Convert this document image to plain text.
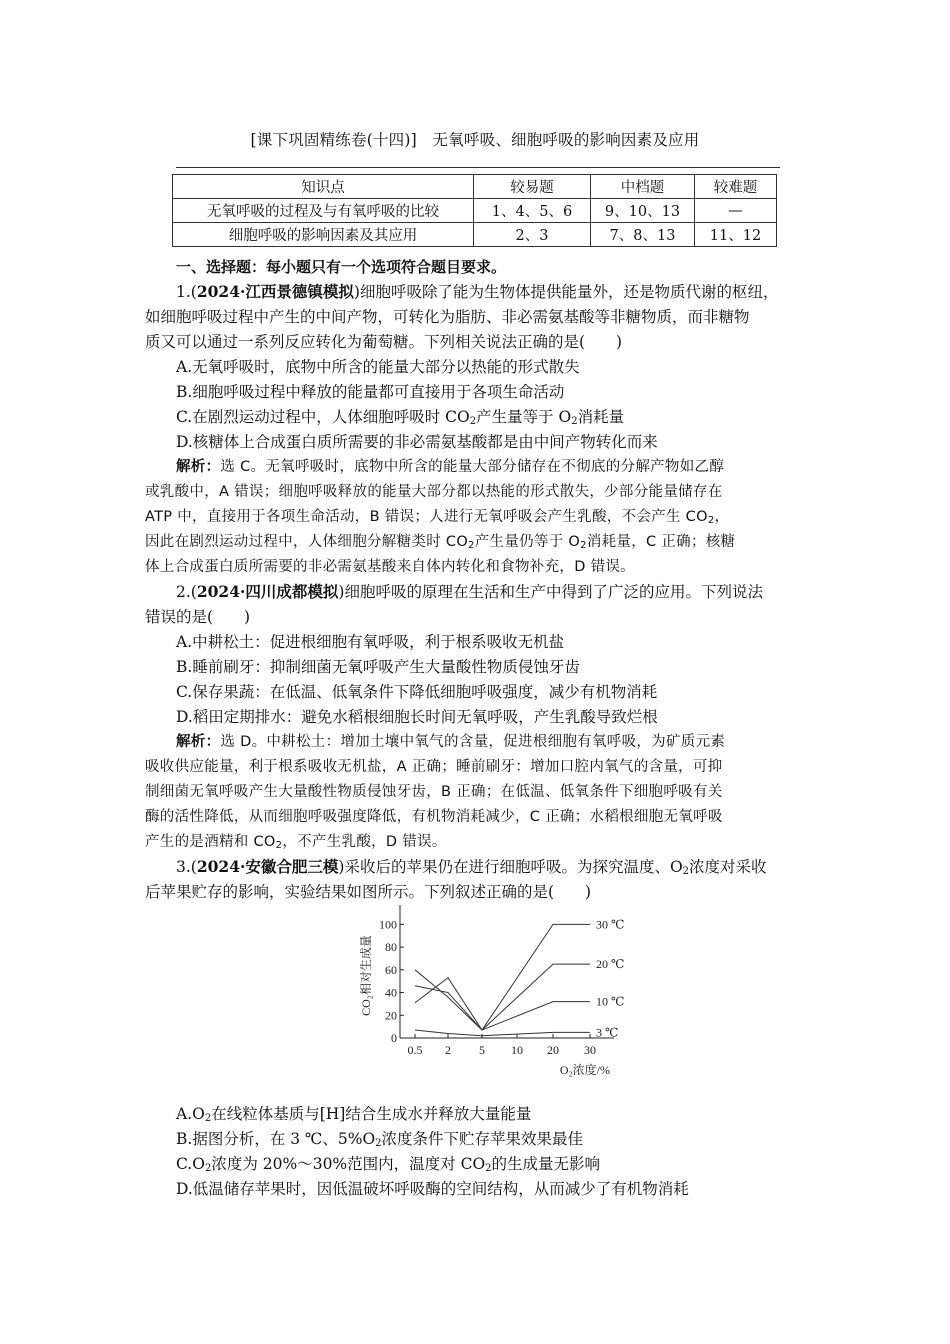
[课下巩固精练卷(十四)]　无氧呼吸、细胞呼吸的影响因素及应用
知识点	较易题	中档题	较难题
无氧呼吸的过程及与有氧呼吸的比较	1、4、5、6	9、10、13	—
细胞呼吸的影响因素及其应用	2、3	7、8、13	11、12
一、选择题：每小题只有一个选项符合题目要求。
1.(2024·江西景德镇模拟)细胞呼吸除了能为生物体提供能量外，还是物质代谢的枢纽，
如细胞呼吸过程中产生的中间产物，可转化为脂肪、非必需氨基酸等非糖物质，而非糖物
质又可以通过一系列反应转化为葡萄糖。下列相关说法正确的是(　　)
A.无氧呼吸时，底物中所含的能量大部分以热能的形式散失
B.细胞呼吸过程中释放的能量都可直接用于各项生命活动
C.在剧烈运动过程中，人体细胞呼吸时 $CO_2$产生量等于 $O_2$消耗量
D.核糖体上合成蛋白质所需要的非必需氨基酸都是由中间产物转化而来
解析：选 C。无氧呼吸时，底物中所含的能量大部分储存在不彻底的分解产物如乙醇
或乳酸中，A 错误；细胞呼吸释放的能量大部分都以热能的形式散失，少部分能量储存在
ATP 中，直接用于各项生命活动，B 错误；人进行无氧呼吸会产生乳酸，不会产生 $CO_2$，
因此在剧烈运动过程中，人体细胞分解糖类时 $CO_2$产生量仍等于 $O_2$消耗量，C 正确；核糖
体上合成蛋白质所需要的非必需氨基酸来自体内转化和食物补充，D 错误。
2.(2024·四川成都模拟)细胞呼吸的原理在生活和生产中得到了广泛的应用。下列说法
错误的是(　　)
A.中耕松土：促进根细胞有氧呼吸，利于根系吸收无机盐
B.睡前刷牙：抑制细菌无氧呼吸产生大量酸性物质侵蚀牙齿
C.保存果蔬：在低温、低氧条件下降低细胞呼吸强度，减少有机物消耗
D.稻田定期排水：避免水稻根细胞长时间无氧呼吸，产生乳酸导致烂根
解析：选 D。中耕松土：增加土壤中氧气的含量，促进根细胞有氧呼吸，为矿质元素
吸收供应能量，利于根系吸收无机盐，A 正确；睡前刷牙：增加口腔内氧气的含量，可抑
制细菌无氧呼吸产生大量酸性物质侵蚀牙齿，B 正确；在低温、低氧条件下细胞呼吸有关
酶的活性降低，从而细胞呼吸强度降低，有机物消耗减少，C 正确；水稻根细胞无氧呼吸
产生的是酒精和 $CO_2$，不产生乳酸，D 错误。
3.(2024·安徽合肥三模)采收后的苹果仍在进行细胞呼吸。为探究温度、$O_2$浓度对采收
后苹果贮存的影响，实验结果如图所示。下列叙述正确的是(　　)
0
20
40
60
80
100
0.5 2 5 10 20 30
CO₂相对生成量
O₂浓度/%
30 ℃
20 ℃
10 ℃
3 ℃
$A.O_2$在线粒体基质与[H]结合生成水并释放大量能量
B.据图分析，在 3 ℃、$5\%O_2$浓度条件下贮存苹果效果最佳
$C.O_2$浓度为 20%～30%范围内，温度对 $CO_2$的生成量无影响
D.低温储存苹果时，因低温破坏呼吸酶的空间结构，从而减少了有机物消耗
